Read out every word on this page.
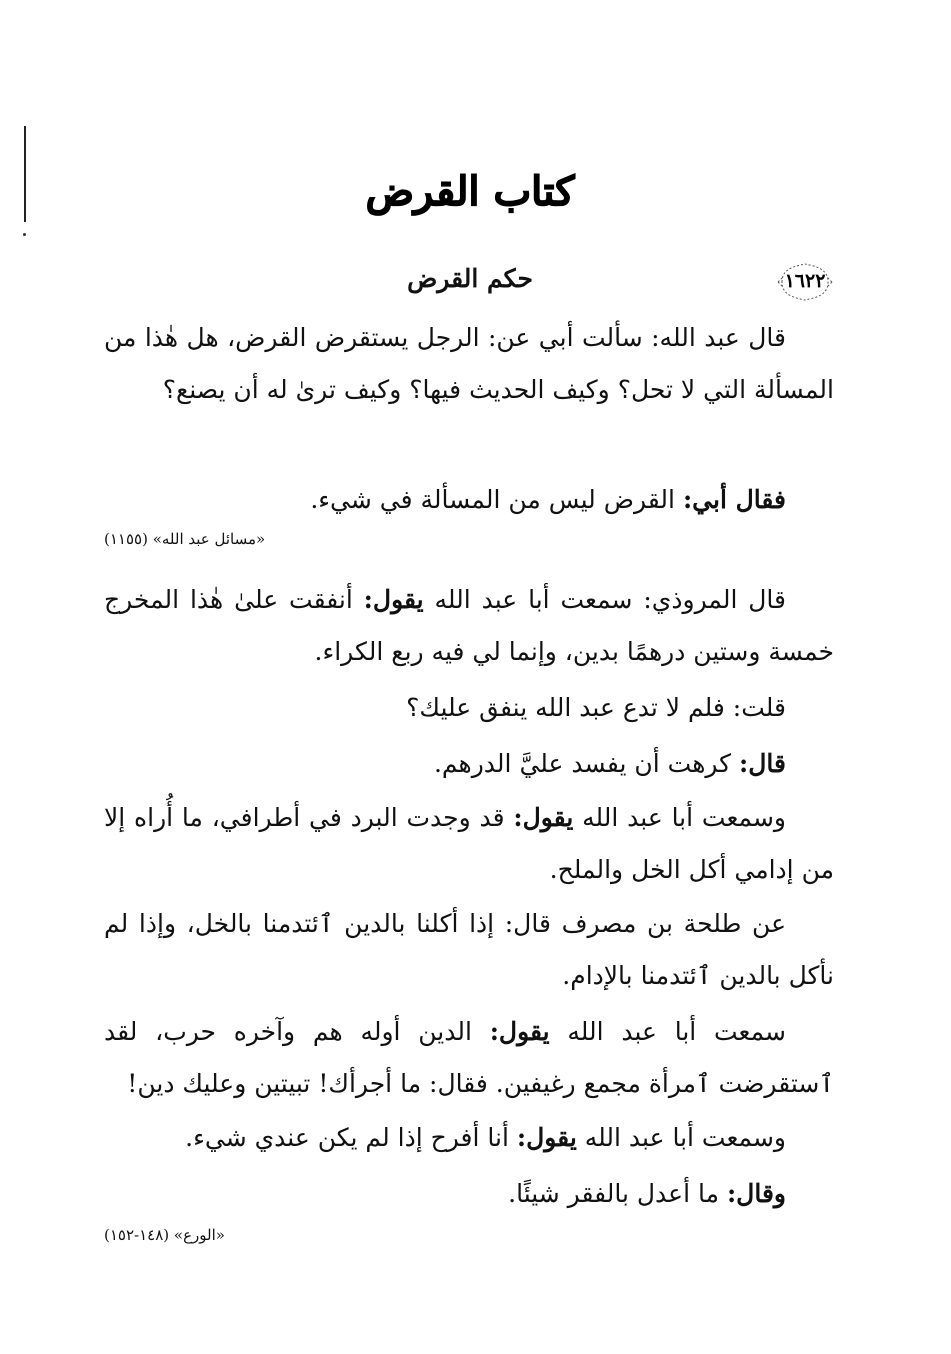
كتاب القرض
١٦٢٢
حكم القرض

قال عبد الله: سألت أبي عن: الرجل يستقرض القرض، هل هٰذا من المسألة التي لا تحل؟ وكيف الحديث فيها؟ وكيف ترىٰ له أن يصنع؟

فقال أبي: القرض ليس من المسألة في شيء.

«مسائل عبد الله» (١١٥٥)

قال المروذي: سمعت أبا عبد الله يقول: أنفقت علىٰ هٰذا المخرج خمسة وستين درهمًا بدين، وإنما لي فيه ربع الكراء.

قلت: فلم لا تدع عبد الله ينفق عليك؟

قال: كرهت أن يفسد عليَّ الدرهم.

وسمعت أبا عبد الله يقول: قد وجدت البرد في أطرافي، ما أُراه إلا من إدامي أكل الخل والملح.

عن طلحة بن مصرف قال: إذا أكلنا بالدين ٱئتدمنا بالخل، وإذا لم نأكل بالدين ٱئتدمنا بالإدام.

سمعت أبا عبد الله يقول: الدين أوله هم وآخره حرب، لقد ٱستقرضت ٱمرأة مجمع رغيفين. فقال: ما أجرأك! تبيتين وعليك دين!

وسمعت أبا عبد الله يقول: أنا أفرح إذا لم يكن عندي شيء.

وقال: ما أعدل بالفقر شيئًا.

«الورع» (١٤٨-١٥٢)
